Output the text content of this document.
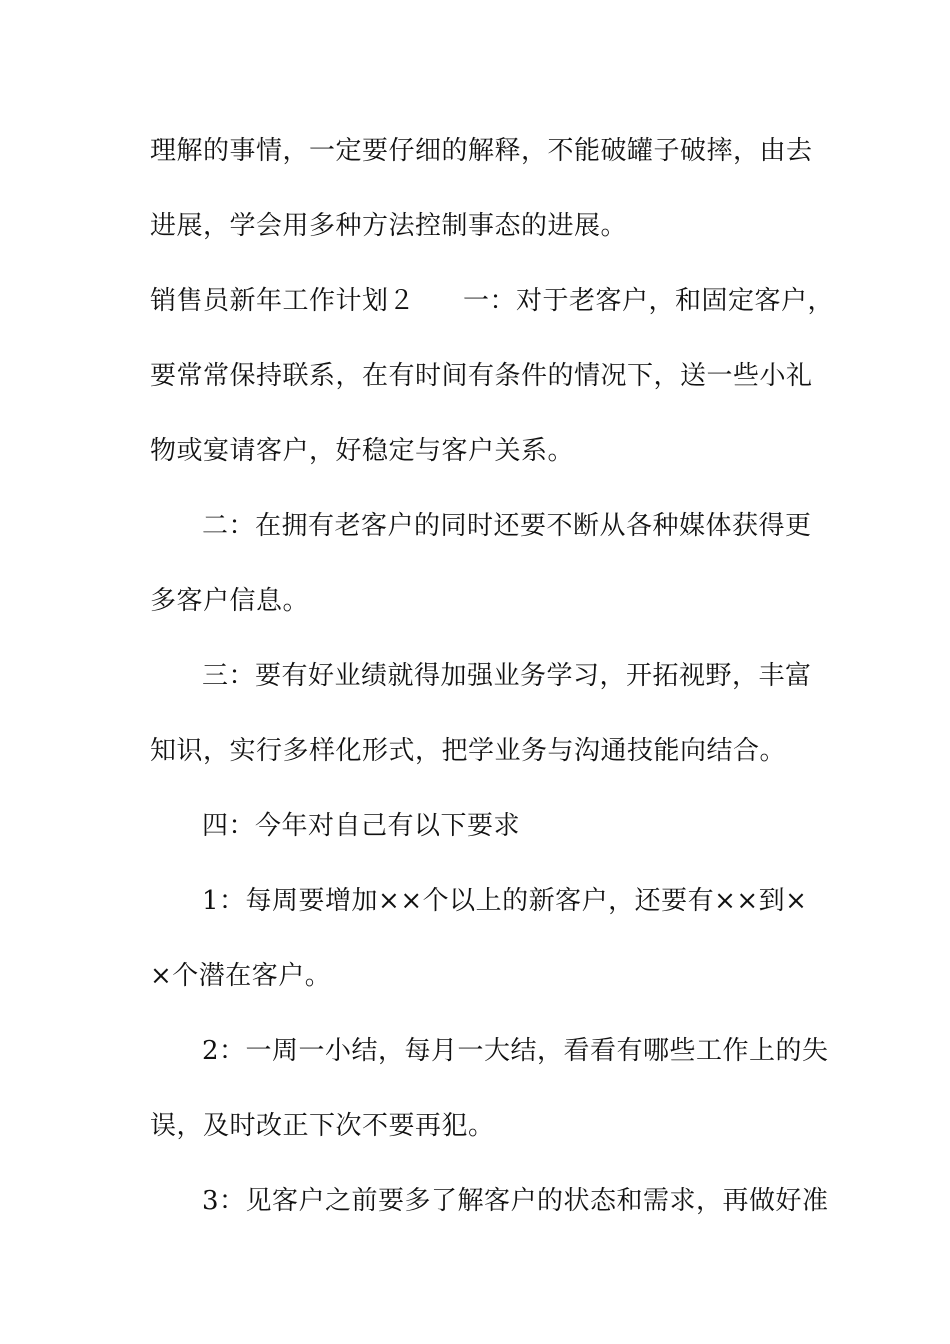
理解的事情，一定要仔细的解释，不能破罐子破摔，由去
进展，学会用多种方法控制事态的进展。
销售员新年工作计划２ 一：对于老客户，和固定客户，
要常常保持联系，在有时间有条件的情况下，送一些小礼
物或宴请客户，好稳定与客户关系。
二：在拥有老客户的同时还要不断从各种媒体获得更
多客户信息。
三：要有好业绩就得加强业务学习，开拓视野，丰富
知识，实行多样化形式，把学业务与沟通技能向结合。
四：今年对自己有以下要求
1：每周要增加××个以上的新客户，还要有××到×
×个潜在客户。
2：一周一小结，每月一大结，看看有哪些工作上的失
误，及时改正下次不要再犯。
3：见客户之前要多了解客户的状态和需求，再做好准
